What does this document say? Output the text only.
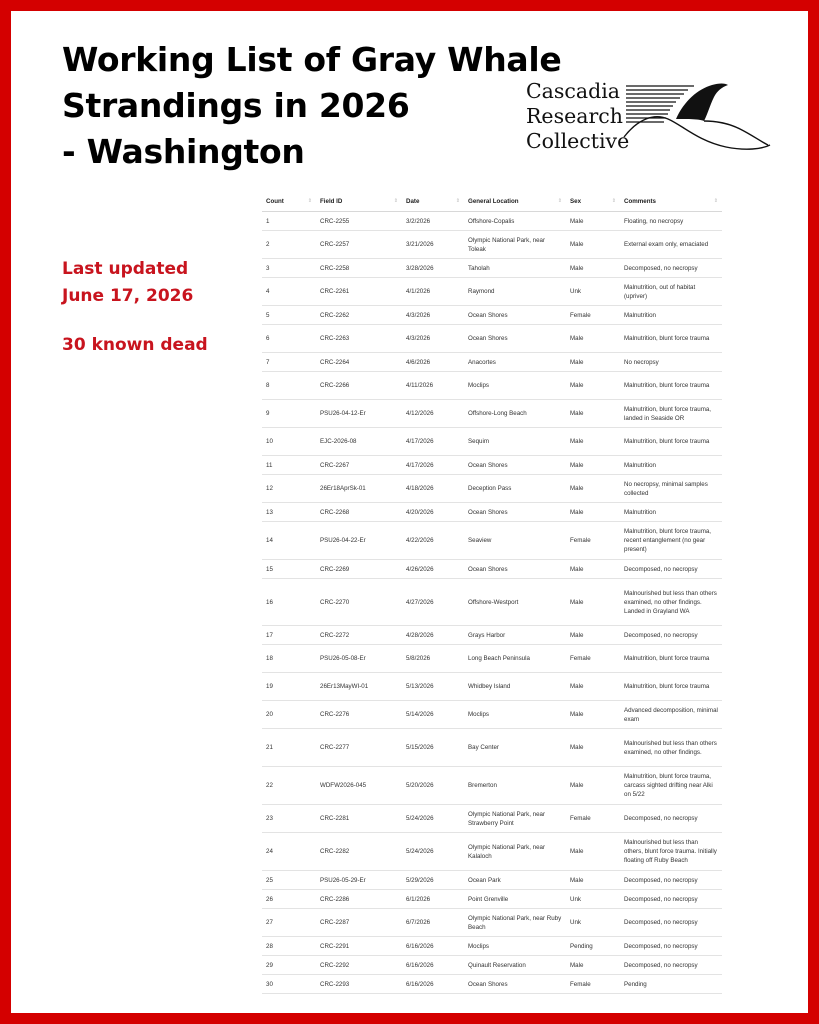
Working List of Gray Whale
Strandings in 2026
- Washington
Cascadia
Research
Collective
Last updated
June 17, 2026
30 known dead
Count ⇕	Field ID ⇕	Date ⇕	General Location ⇕	Sex ⇕	Comments ⇕

1	CRC-2255	3/2/2026	Offshore-Copalis	Male	Floating, no necropsy
2	CRC-2257	3/21/2026	Olympic National Park, near Toleak	Male	External exam only, emaciated
3	CRC-2258	3/28/2026	Taholah	Male	Decomposed, no necropsy
4	CRC-2261	4/1/2026	Raymond	Unk	Malnutrition, out of habitat (upriver)
5	CRC-2262	4/3/2026	Ocean Shores	Female	Malnutrition
6	CRC-2263	4/3/2026	Ocean Shores	Male	Malnutrition, blunt force trauma
7	CRC-2264	4/6/2026	Anacortes	Male	No necropsy
8	CRC-2266	4/11/2026	Moclips	Male	Malnutrition, blunt force trauma
9	PSU26-04-12-Er	4/12/2026	Offshore-Long Beach	Male	Malnutrition, blunt force trauma, landed in Seaside OR
10	EJC-2026-08	4/17/2026	Sequim	Male	Malnutrition, blunt force trauma
11	CRC-2267	4/17/2026	Ocean Shores	Male	Malnutrition
12	26Er18AprSk-01	4/18/2026	Deception Pass	Male	No necropsy, minimal samples collected
13	CRC-2268	4/20/2026	Ocean Shores	Male	Malnutrition
14	PSU26-04-22-Er	4/22/2026	Seaview	Female	Malnutrition, blunt force trauma, recent entanglement (no gear present)
15	CRC-2269	4/26/2026	Ocean Shores	Male	Decomposed, no necropsy
16	CRC-2270	4/27/2026	Offshore-Westport	Male	Malnourished but less than others examined, no other findings. Landed in Grayland WA
17	CRC-2272	4/28/2026	Grays Harbor	Male	Decomposed, no necropsy
18	PSU26-05-08-Er	5/8/2026	Long Beach Peninsula	Female	Malnutrition, blunt force trauma
19	26Er13MayWI-01	5/13/2026	Whidbey Island	Male	Malnutrition, blunt force trauma
20	CRC-2276	5/14/2026	Moclips	Male	Advanced decomposition, minimal exam
21	CRC-2277	5/15/2026	Bay Center	Male	Malnourished but less than others examined, no other findings.
22	WDFW2026-045	5/20/2026	Bremerton	Male	Malnutrition, blunt force trauma, carcass sighted drifting near Alki on 5/22
23	CRC-2281	5/24/2026	Olympic National Park, near Strawberry Point	Female	Decomposed, no necropsy
24	CRC-2282	5/24/2026	Olympic National Park, near Kalaloch	Male	Malnourished but less than others, blunt force trauma. Initially floating off Ruby Beach
25	PSU26-05-29-Er	5/29/2026	Ocean Park	Male	Decomposed, no necropsy
26	CRC-2286	6/1/2026	Point Grenville	Unk	Decomposed, no necropsy
27	CRC-2287	6/7/2026	Olympic National Park, near Ruby Beach	Unk	Decomposed, no necropsy
28	CRC-2291	6/16/2026	Moclips	Pending	Decomposed, no necropsy
29	CRC-2292	6/16/2026	Quinault Reservation	Male	Decomposed, no necropsy
30	CRC-2293	6/16/2026	Ocean Shores	Female	Pending
